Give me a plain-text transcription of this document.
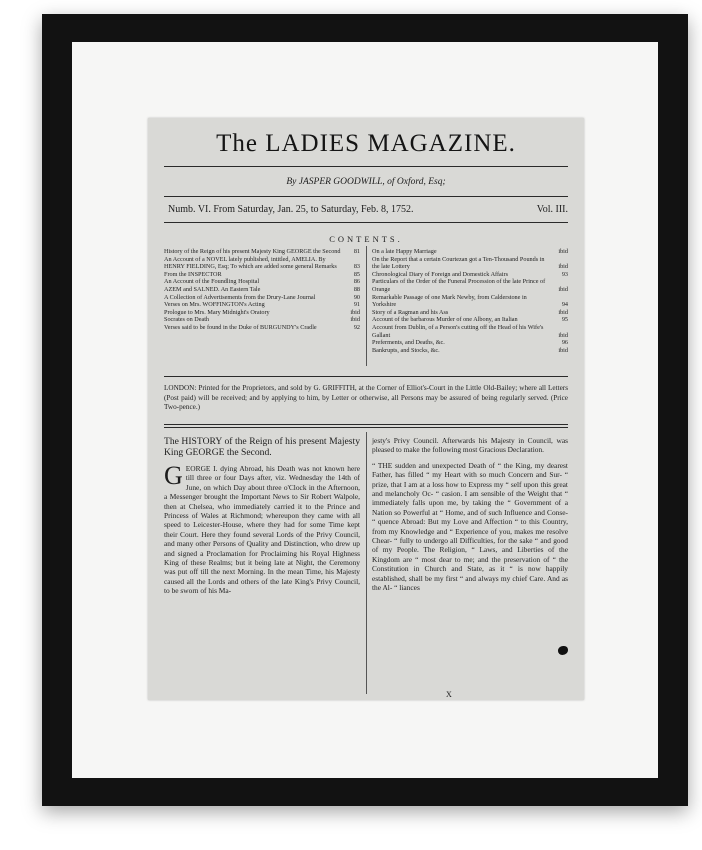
The LADIES MAGAZINE.
By JASPER GOODWILL, of Oxford, Esq;
Numb. VI. From Saturday, Jan. 25, to Saturday, Feb. 8, 1752.	Vol. III.
CONTENTS.
History of the Reign of his present Majesty King GEORGE the Second 81
An Account of a NOVEL lately published, intitled, AMELIA. By HENRY FIELDING, Esq; To which are added some general Remarks	83
From the INSPECTOR	85
An Account of the Foundling Hospital	86
AZEM and SALNED. An Eastern Tale	88
A Collection of Advertisements from the Drury-Lane Journal	90
Verses on Mrs. WOFFINGTON's Acting	91
Prologue to Mrs. Mary Midnight's Oratory	ibid
Socrates on Death	ibid
Verses said to be found in the Duke of BURGUNDY's Cradle	92
On a late Happy Marriage	ibid
On the Report that a certain Courtezan got a Ten-Thousand Pounds in the late Lottery	ibid
Chronological Diary of Foreign and Domestick Affairs	93
Particulars of the Order of the Funeral Procession of the late Prince of Orange	ibid
Remarkable Passage of one Mark Newby, from Calderstone in Yorkshire	94
Story of a Ragman and his Ass	ibid
Account of the barbarous Murder of one Albony, an Italian	95
Account from Dublin, of a Person's cutting off the Head of his Wife's Gallant	ibid
Preferments, and Deaths, &c.	96
Bankrupts, and Stocks, &c.	ibid
LONDON: Printed for the Proprietors, and sold by G. GRIFFITH, at the Corner of Elliot's-Court in the Little Old-Bailey; where all Letters (Post paid) will be received; and by applying to him, by Letter or otherwise, all Persons may be assured of being regularly served. (Price Two-pence.)
The HISTORY of the Reign of his present Majesty King GEORGE the Second.
GEORGE I. dying Abroad, his Death was not known here till three or four Days after, viz. Wednesday the 14th of June, on which Day about three o'Clock in the Afternoon, a Messenger brought the Important News to Sir Robert Walpole, then at Chelsea, who immediately carried it to the Prince and Princess of Wales at Richmond; whereupon they came with all speed to Leicester-House, where they had for some Time kept their Court. Here they found several Lords of the Privy Council, and many other Persons of Quality and Distinction, who drew up and signed a Proclamation for Proclaiming his Royal Highness King of these Realms; but it being late at Night, the Ceremony was put off till the next Morning. In the mean Time, his Majesty caused all the Lords and others of the late King's Privy Council, to be sworn of his Ma-
jesty's Privy Council. Afterwards his Majesty in Council, was pleased to make the following most Gracious Declaration.
“ THE sudden and unexpected Death of “ the King, my dearest Father, has filled “ my Heart with so much Concern and Sur- “ prize, that I am at a loss how to Express my “ self upon this great and melancholy Oc- “ casion. I am sensible of the Weight that “ immediately falls upon me, by taking the “ Government of a Nation so Powerful at “ Home, and of such Influence and Conse- “ quence Abroad: But my Love and Affection “ to this Country, from my Knowledge and “ Experience of you, makes me resolve Chear- “ fully to undergo all Difficulties, for the sake “ and good of my People. The Religion, “ Laws, and Liberties of the Kingdom are “ most dear to me; and the preservation of “ the Constitution in Church and State, as it “ is now happily established, shall be my first “ and always my chief Care. And as the Al- “ liances
X
